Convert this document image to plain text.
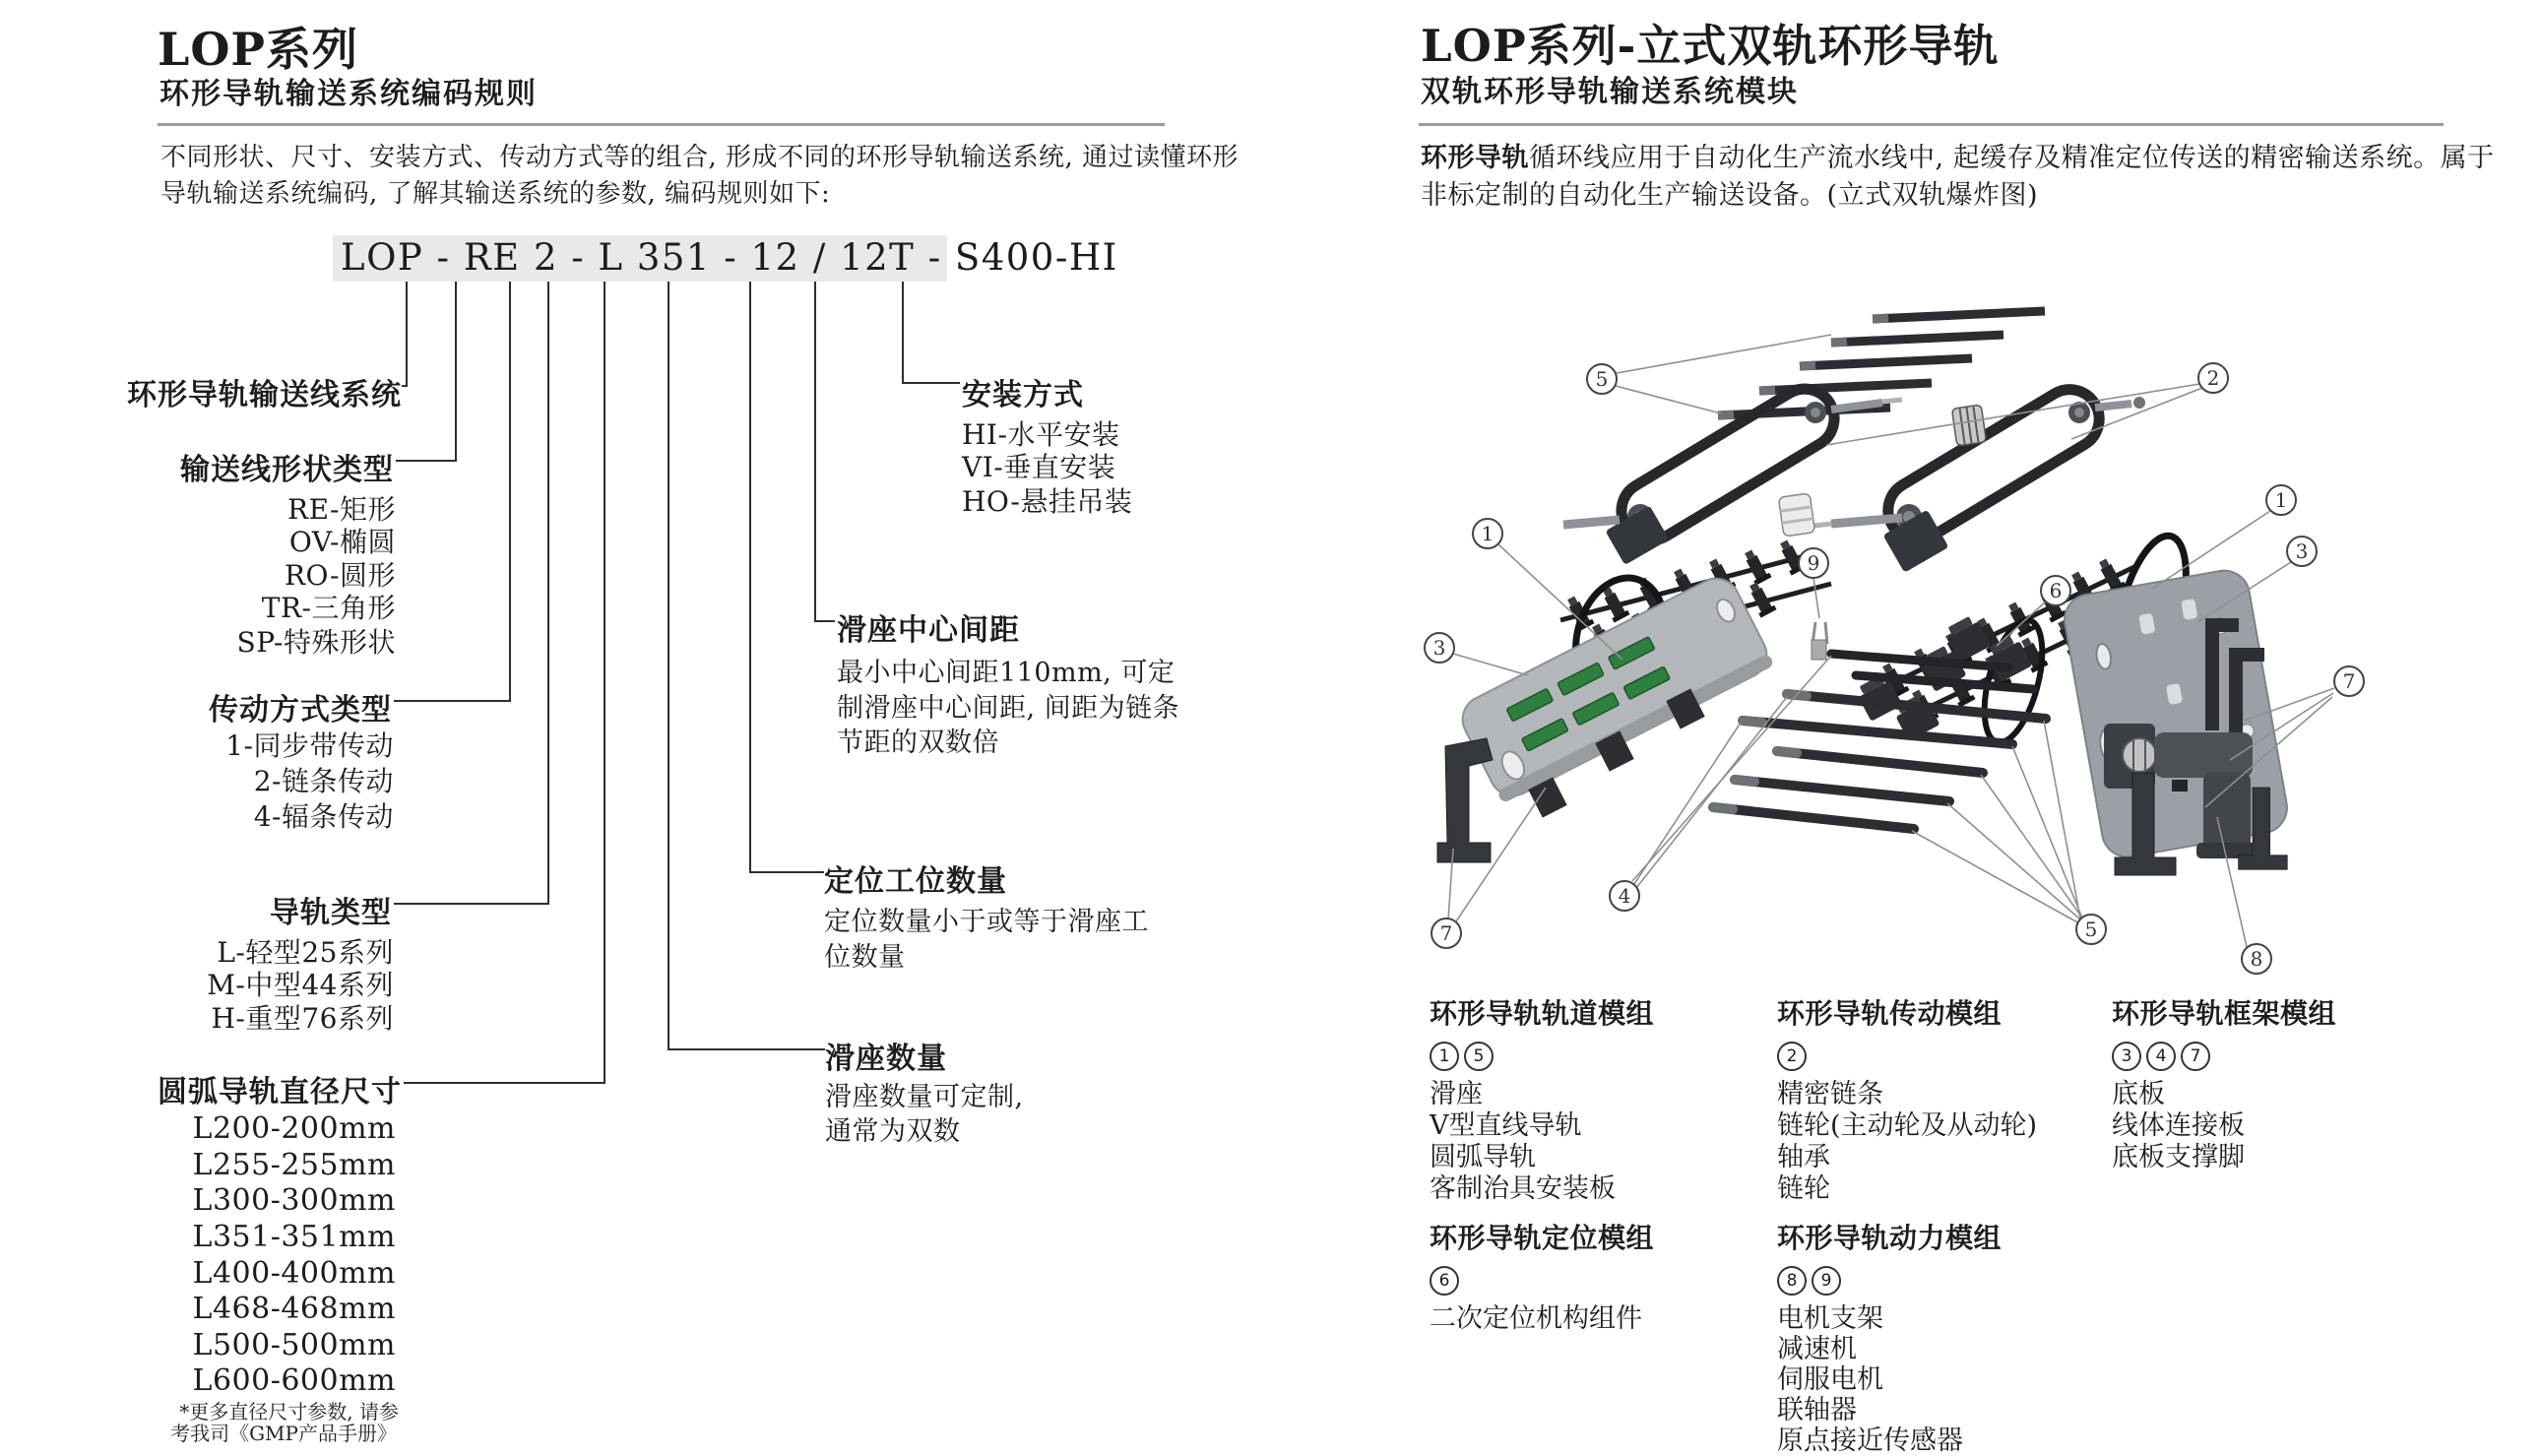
LOP系列
环形导轨输送系统编码规则
不同形状、尺寸、安装方式、传动方式等的组合, 形成不同的环形导轨输送系统, 通过读懂环形
导轨输送系统编码, 了解其输送系统的参数, 编码规则如下:
LOP - RE 2 - L 351 - 12 / 12T - S400-HI
环形导轨输送线系统
输送线形状类型
RE-矩形
OV-椭圆
RO-圆形
TR-三角形
SP-特殊形状
传动方式类型
1-同步带传动
2-链条传动
4-辐条传动
导轨类型
L-轻型25系列
M-中型44系列
H-重型76系列
圆弧导轨直径尺寸
L200-200mm
L255-255mm
L300-300mm
L351-351mm
L400-400mm
L468-468mm
L500-500mm
L600-600mm
*更多直径尺寸参数, 请参
考我司《GMP产品手册》
安装方式
HI-水平安装
VI-垂直安装
HO-悬挂吊装
滑座中心间距
最小中心间距110mm, 可定
制滑座中心间距, 间距为链条
节距的双数倍
定位工位数量
定位数量小于或等于滑座工
位数量
滑座数量
滑座数量可定制,
通常为双数
LOP系列-立式双轨环形导轨
双轨环形导轨输送系统模块
环形导轨循环线应用于自动化生产流水线中, 起缓存及精准定位传送的精密输送系统。属于
非标定制的自动化生产输送设备。(立式双轨爆炸图)
5	2
1
6
9
1
3
3
7
7
4
5
8
环形导轨轨道模组
1 5
滑座
V型直线导轨
圆弧导轨
客制治具安装板
环形导轨传动模组
2
精密链条
链轮(主动轮及从动轮)
轴承
链轮
环形导轨框架模组
3 4 7
底板
线体连接板
底板支撑脚
环形导轨定位模组
6
二次定位机构组件
环形导轨动力模组
8 9
电机支架
减速机
伺服电机
联轴器
原点接近传感器
